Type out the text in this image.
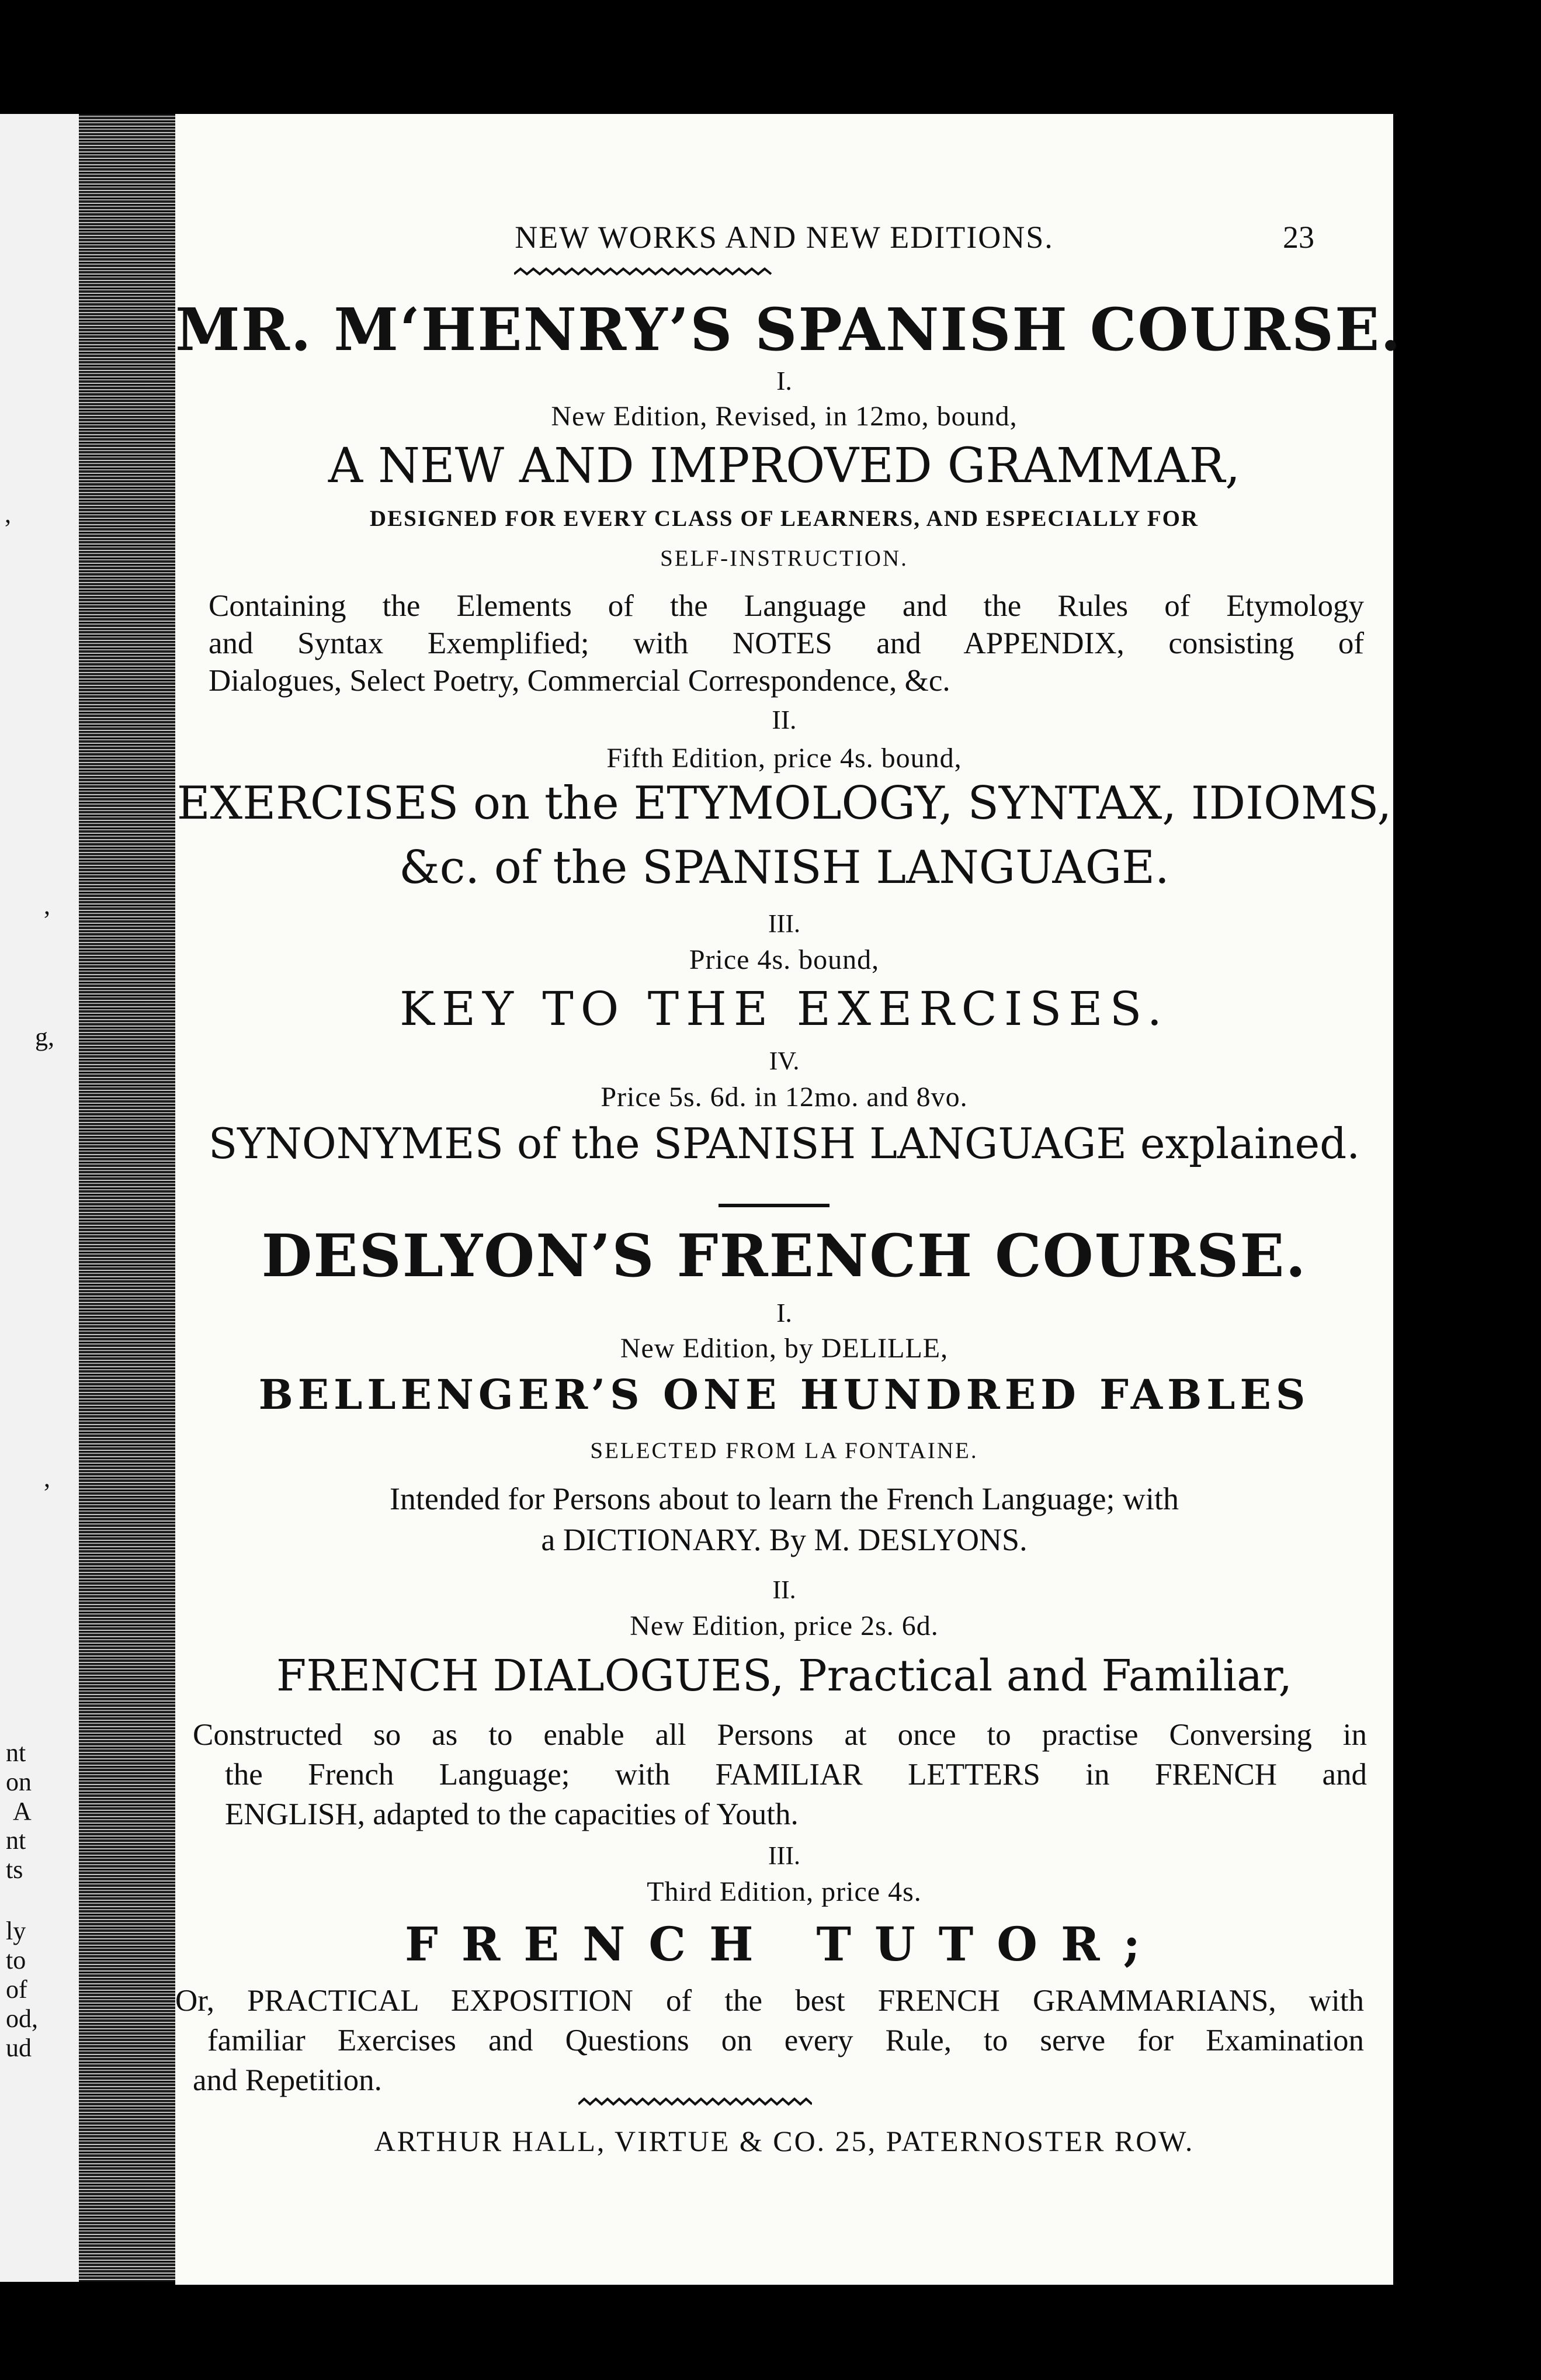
,
,
g,
,
nt
on
A
nt
ts
ly
to
of
od,
ud
NEW WORKS AND NEW EDITIONS.	23
MR. M‘HENRY’S SPANISH COURSE.
I.
New Edition, Revised, in 12mo, bound,
A NEW AND IMPROVED GRAMMAR,
DESIGNED FOR EVERY CLASS OF LEARNERS, AND ESPECIALLY FOR
SELF-INSTRUCTION.
Containing the Elements of the Language and the Rules of Etymology
and Syntax Exemplified; with NOTES and APPENDIX, consisting of
Dialogues, Select Poetry, Commercial Correspondence, &c.
II.
Fifth Edition, price 4s. bound,
EXERCISES on the ETYMOLOGY, SYNTAX, IDIOMS,
&c. of the SPANISH LANGUAGE.
III.
Price 4s. bound,
KEY TO THE EXERCISES.
IV.
Price 5s. 6d. in 12mo. and 8vo.
SYNONYMES of the SPANISH LANGUAGE explained.
DESLYON’S FRENCH COURSE.
I.
New Edition, by DELILLE,
BELLENGER’S ONE HUNDRED FABLES
SELECTED FROM LA FONTAINE.
Intended for Persons about to learn the French Language; with
a DICTIONARY. By M. DESLYONS.
II.
New Edition, price 2s. 6d.
FRENCH DIALOGUES, Practical and Familiar,
Constructed so as to enable all Persons at once to practise Conversing in
the French Language; with FAMILIAR LETTERS in FRENCH and
ENGLISH, adapted to the capacities of Youth.
III.
Third Edition, price 4s.
FRENCH TUTOR;
Or, PRACTICAL EXPOSITION of the best FRENCH GRAMMARIANS, with
familiar Exercises and Questions on every Rule, to serve for Examination
and Repetition.
ARTHUR HALL, VIRTUE & CO. 25, PATERNOSTER ROW.
